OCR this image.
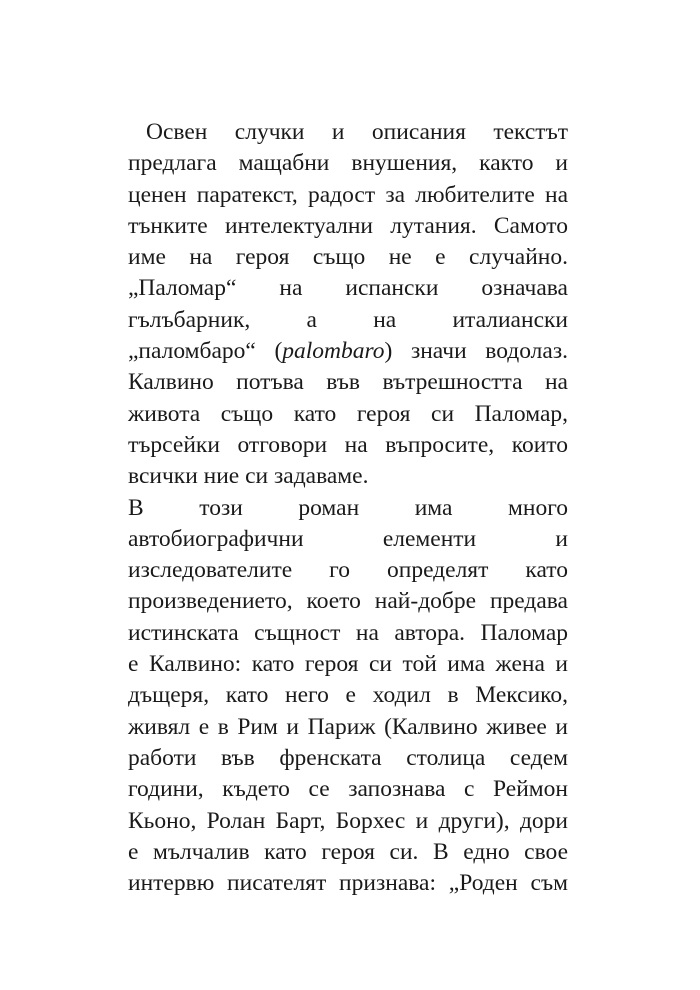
Освен случки и описания текстът
предлага мащабни внушения, както и
ценен паратекст, радост за любителите на
тънките интелектуални лутания. Самото
име на героя също не е случайно.
„Паломар“ на испански означава
гълъбарник, а на италиански
„паломбаро“ (palombaro) значи водолаз.
Калвино потъва във вътрешността на
живота също като героя си Паломар,
търсейки отговори на въпросите, които
всички ние си задаваме.
В този роман има много
автобиографични елементи и
изследователите го определят като
произведението, което най-добре предава
истинската същност на автора. Паломар
е Калвино: като героя си той има жена и
дъщеря, като него е ходил в Мексико,
живял е в Рим и Париж (Калвино живее и
работи във френската столица седем
години, където се запознава с Реймон
Кьоно, Ролан Барт, Борхес и други), дори
е мълчалив като героя си. В едно свое
интервю писателят признава: „Роден съм
